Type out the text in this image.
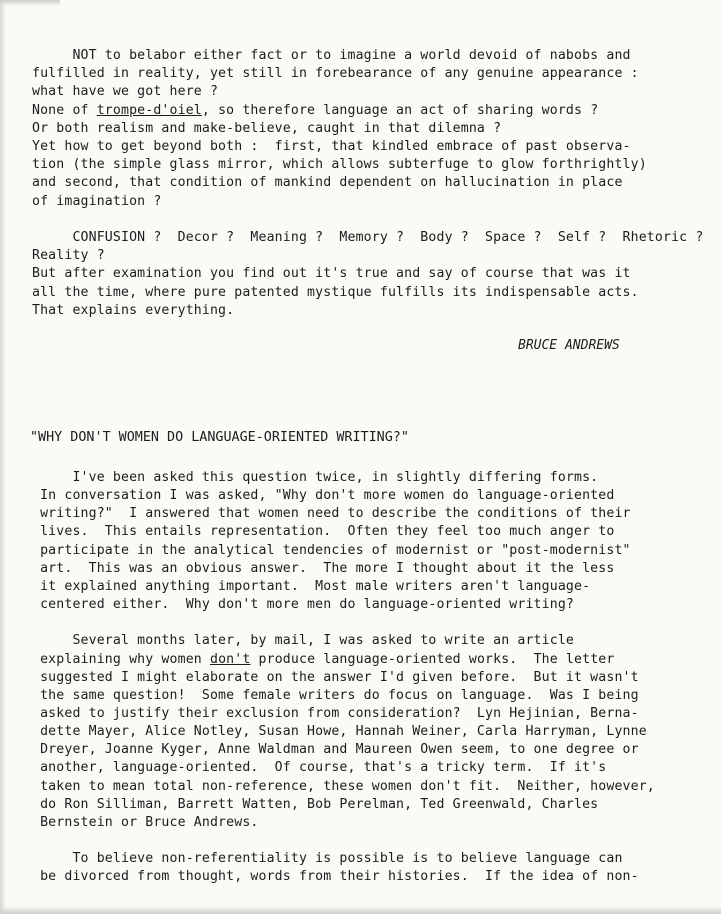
NOT to belabor either fact or to imagine a world devoid of nabobs and
fulfilled in reality, yet still in forebearance of any genuine appearance :
what have we got here ?
None of trompe-d'oiel, so therefore language an act of sharing words ?
Or both realism and make-believe, caught in that dilemna ?
Yet how to get beyond both :  first, that kindled embrace of past observa-
tion (the simple glass mirror, which allows subterfuge to glow forthrightly)
and second, that condition of mankind dependent on hallucination in place
of imagination ?
CONFUSION ?  Decor ?  Meaning ?  Memory ?  Body ?  Space ?  Self ?  Rhetoric ?
Reality ?
But after examination you find out it's true and say of course that was it
all the time, where pure patented mystique fulfills its indispensable acts.
That explains everything.
BRUCE ANDREWS
"WHY DON'T WOMEN DO LANGUAGE-ORIENTED WRITING?"
I've been asked this question twice, in slightly differing forms.
In conversation I was asked, "Why don't more women do language-oriented
writing?"  I answered that women need to describe the conditions of their
lives.  This entails representation.  Often they feel too much anger to
participate in the analytical tendencies of modernist or "post-modernist"
art.  This was an obvious answer.  The more I thought about it the less
it explained anything important.  Most male writers aren't language-
centered either.  Why don't more men do language-oriented writing?
Several months later, by mail, I was asked to write an article
explaining why women don't produce language-oriented works.  The letter
suggested I might elaborate on the answer I'd given before.  But it wasn't
the same question!  Some female writers do focus on language.  Was I being
asked to justify their exclusion from consideration?  Lyn Hejinian, Berna-
dette Mayer, Alice Notley, Susan Howe, Hannah Weiner, Carla Harryman, Lynne
Dreyer, Joanne Kyger, Anne Waldman and Maureen Owen seem, to one degree or
another, language-oriented.  Of course, that's a tricky term.  If it's
taken to mean total non-reference, these women don't fit.  Neither, however,
do Ron Silliman, Barrett Watten, Bob Perelman, Ted Greenwald, Charles
Bernstein or Bruce Andrews.
To believe non-referentiality is possible is to believe language can
be divorced from thought, words from their histories.  If the idea of non-
